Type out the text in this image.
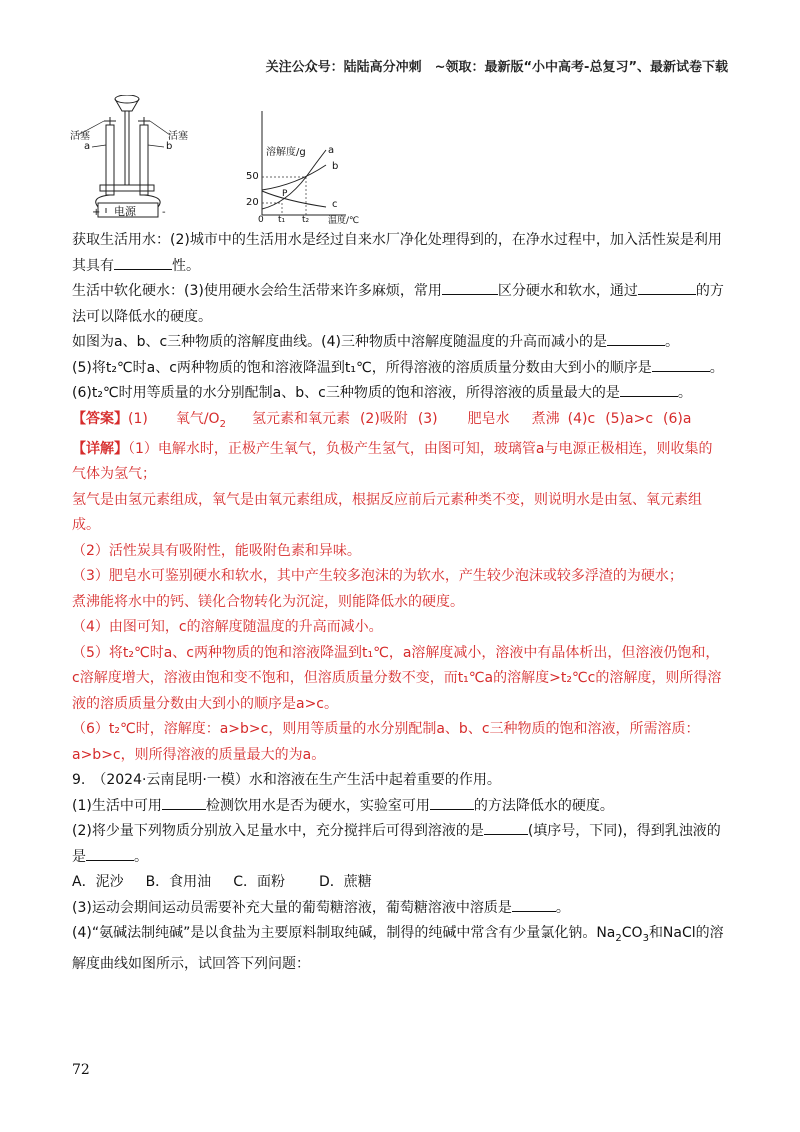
关注公众号：陆陆高分冲刺　~领取：最新版“小中高考-总复习”、最新试卷下载
活塞	活塞
a	b
电源
+	-
溶解度/g
温度/℃
50
20
0 t₁ t₂
a
b
c
P

获取生活用水：(2)城市中的生活用水是经过自来水厂净化处理得到的，在净水过程中，加入活性炭是利用

其具有	性。

生活中软化硬水：(3)使用硬水会给生活带来许多麻烦，常用	区分硬水和软水，通过	的方

法可以降低水的硬度。

如图为a、b、c三种物质的溶解度曲线。(4)三种物质中溶解度随温度的升高而减小的是	。

(5)将t₂℃时a、c两种物质的饱和溶液降温到t₁℃，所得溶液的溶质质量分数由大到小的顺序是	。

(6)t₂℃时用等质量的水分别配制a、b、c三种物质的饱和溶液，所得溶液的质量最大的是	。

【答案】(1) 氧气$/O_2$ 氢元素和氧元素 (2)吸附 (3) 肥皂水 煮沸 (4)c (5)a>c (6)a

【详解】（1）电解水时，正极产生氧气，负极产生氢气，由图可知，玻璃管a与电源正极相连，则收集的

气体为氢气；

氢气是由氢元素组成，氧气是由氧元素组成，根据反应前后元素种类不变，则说明水是由氢、氧元素组成。

（2）活性炭具有吸附性，能吸附色素和异味。

（3）肥皂水可鉴别硬水和软水，其中产生较多泡沫的为软水，产生较少泡沫或较多浮渣的为硬水；

煮沸能将水中的钙、镁化合物转化为沉淀，则能降低水的硬度。

（4）由图可知，c的溶解度随温度的升高而减小。

（5）将t₂℃时a、c两种物质的饱和溶液降温到t₁℃，a溶解度减小，溶液中有晶体析出，但溶液仍饱和，

c溶解度增大，溶液由饱和变不饱和，但溶质质量分数不变，而t₁℃a的溶解度>t₂℃c的溶解度，则所得溶

液的溶质质量分数由大到小的顺序是a>c。

（6）t₂℃时，溶解度：a>b>c，则用等质量的水分别配制a、b、c三种物质的饱和溶液，所需溶质：

a>b>c，则所得溶液的质量最大的为a。

9.　（2024·云南昆明·一模）水和溶液在生产生活中起着重要的作用。

(1)生活中可用	检测饮用水是否为硬水，实验室可用	的方法降低水的硬度。

(2)将少量下列物质分别放入足量水中，充分搅拌后可得到溶液的是	(填序号，下同)，得到乳浊液的

是	。

A．泥沙 B．食用油 C．面粉 D．蔗糖

(3)运动会期间运动员需要补充大量的葡萄糖溶液，葡萄糖溶液中溶质是	。

(4)“氨碱法制纯碱”是以食盐为主要原料制取纯碱，制得的纯碱中常含有少量氯化钠。$Na_2CO_3$和NaCl的溶

解度曲线如图所示，试回答下列问题：

72
